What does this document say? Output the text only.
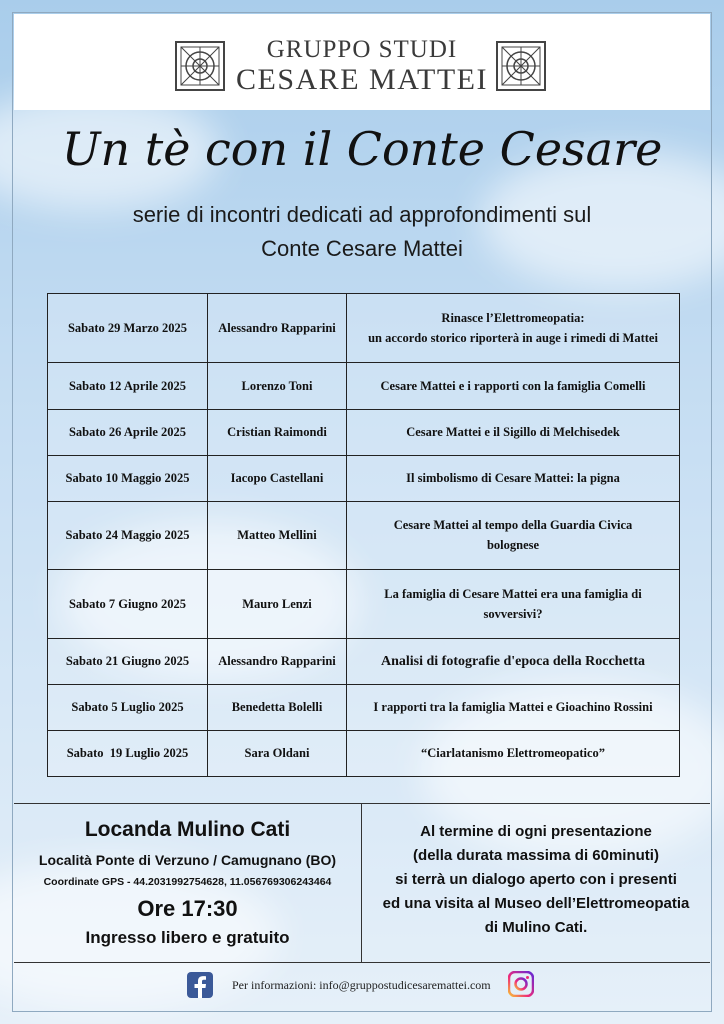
GRUPPO STUDI
CESARE MATTEI
Un tè con il Conte Cesare
serie di incontri dedicati ad approfondimenti sul
Conte Cesare Mattei
Sabato 29 Marzo 2025	Alessandro Rapparini	Rinasce l’Elettromeopatia:
un accordo storico riporterà in auge i rimedi di Mattei

Sabato 12 Aprile 2025	Lorenzo Toni	Cesare Mattei e i rapporti con la famiglia Comelli
Sabato 26 Aprile 2025	Cristian Raimondi	Cesare Mattei e il Sigillo di Melchisedek
Sabato 10 Maggio 2025	Iacopo Castellani	Il simbolismo di Cesare Mattei: la pigna
Sabato 24 Maggio 2025	Matteo Mellini	Cesare Mattei al tempo della Guardia Civica
bolognese

Sabato 7 Giugno 2025	Mauro Lenzi	La famiglia di Cesare Mattei era una famiglia di
sovversivi?

Sabato 21 Giugno 2025	Alessandro Rapparini	Analisi di fotografie d'epoca della Rocchetta
Sabato 5 Luglio 2025	Benedetta Bolelli	I rapporti tra la famiglia Mattei e Gioachino Rossini
Sabato  19 Luglio 2025	Sara Oldani	“Ciarlatanismo Elettromeopatico”
Locanda Mulino Cati
Località Ponte di Verzuno / Camugnano (BO)
Coordinate GPS - 44.2031992754628, 11.056769306243464
Ore 17:30
Ingresso libero e gratuito
Al termine di ogni presentazione
(della durata massima di 60minuti)
si terrà un dialogo aperto con i presenti
ed una visita al Museo dell’Elettromeopatia
di Mulino Cati.
Per informazioni: info@gruppostudicesaremattei.com
